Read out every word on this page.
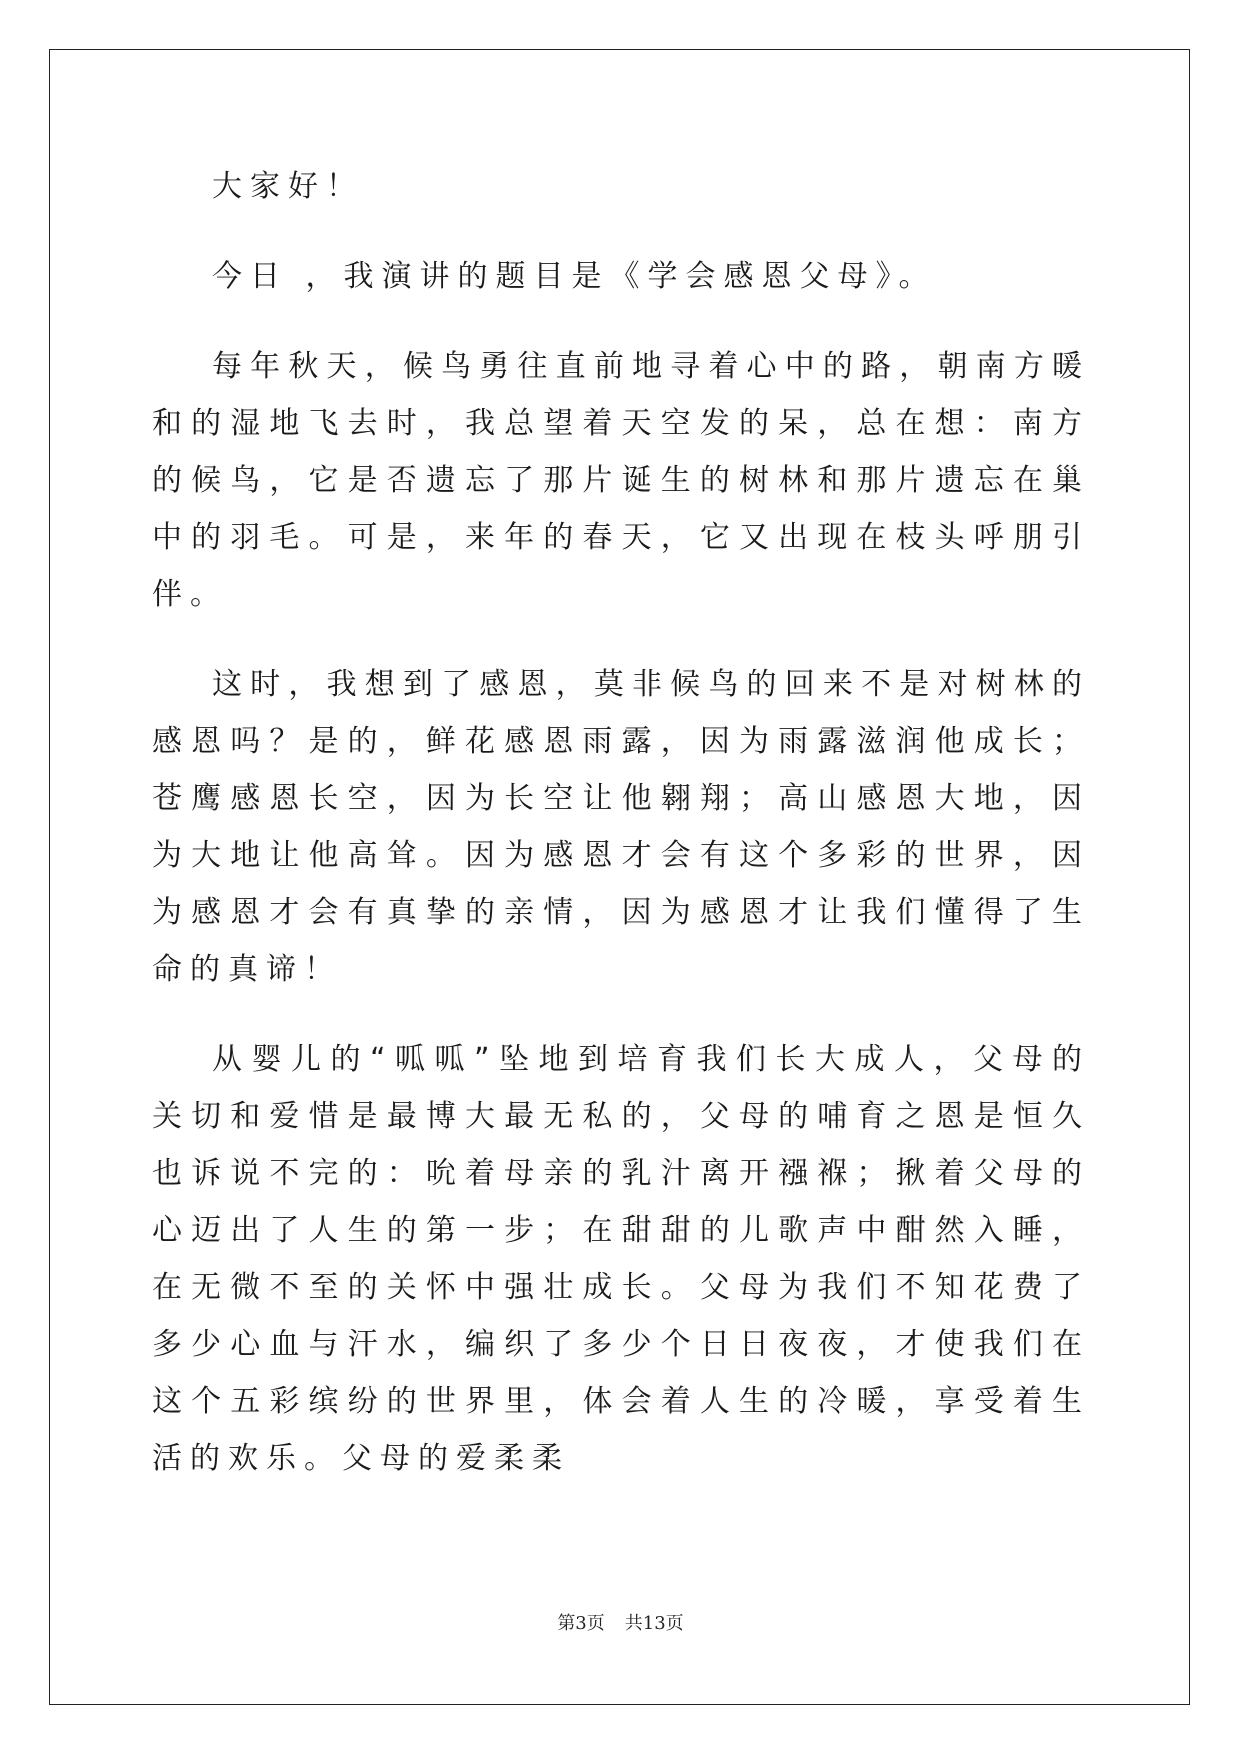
大家好！

今日 ，我演讲的题目是《学会感恩父母》。

每年秋天，候鸟勇往直前地寻着心中的路，朝南方暖和的湿地飞去时，我总望着天空发的呆，总在想：南方的候鸟，它是否遗忘了那片诞生的树林和那片遗忘在巢中的羽毛。可是，来年的春天，它又出现在枝头呼朋引伴。

这时，我想到了感恩，莫非候鸟的回来不是对树林的感恩吗？是的，鲜花感恩雨露，因为雨露滋润他成长；苍鹰感恩长空，因为长空让他翱翔；高山感恩大地，因为大地让他高耸。因为感恩才会有这个多彩的世界，因为感恩才会有真挚的亲情，因为感恩才让我们懂得了生命的真谛！

从婴儿的“呱呱”坠地到培育我们长大成人，父母的关切和爱惜是最博大最无私的，父母的哺育之恩是恒久也诉说不完的：吮着母亲的乳汁离开襁褓；揪着父母的心迈出了人生的第一步；在甜甜的儿歌声中酣然入睡，在无微不至的关怀中强壮成长。父母为我们不知花费了多少心血与汗水，编织了多少个日日夜夜，才使我们在这个五彩缤纷的世界里，体会着人生的冷暖，享受着生活的欢乐。父母的爱柔柔

第3页 共13页
